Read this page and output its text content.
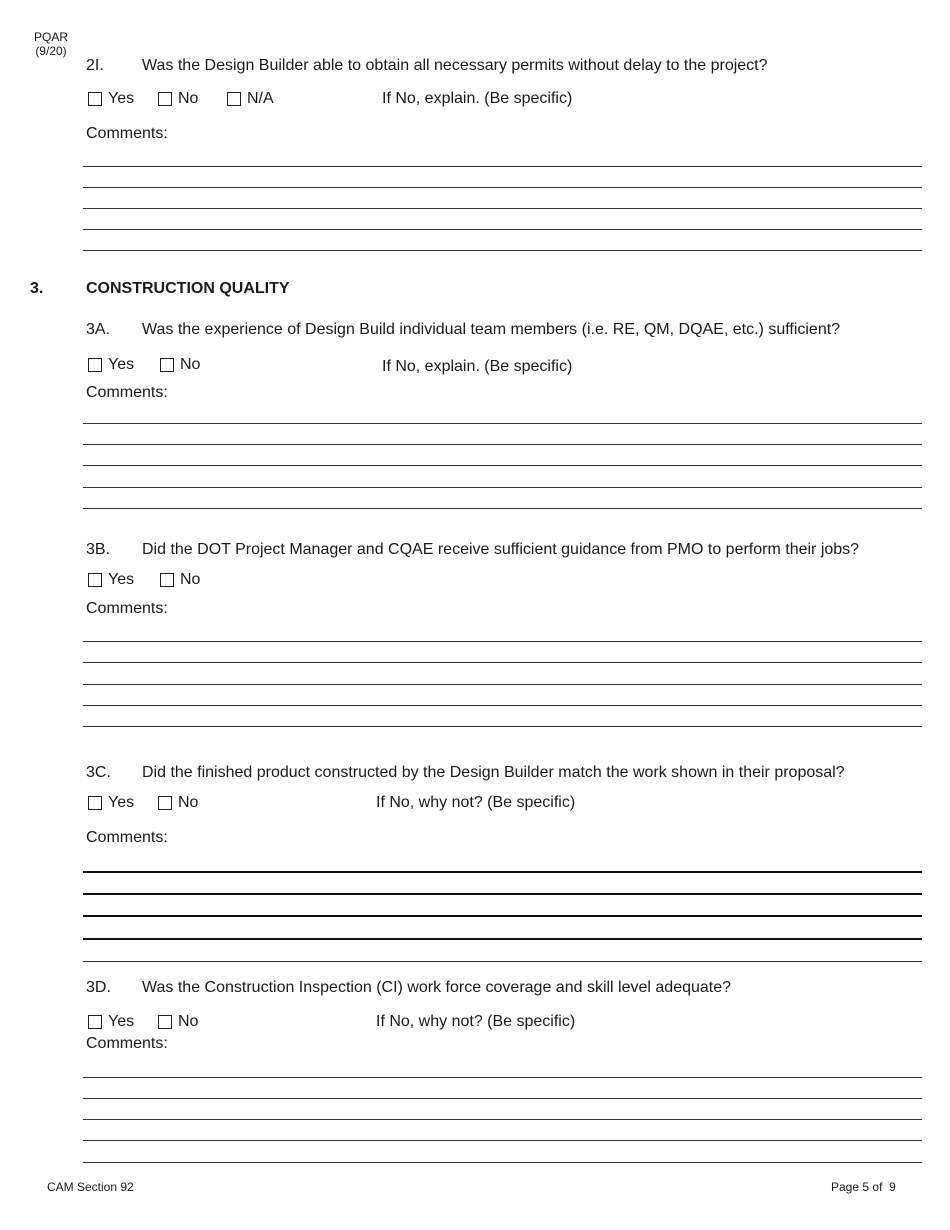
PQAR
(9/20)
2I. Was the Design Builder able to obtain all necessary permits without delay to the project?
Yes	No	N/A	If No, explain. (Be specific)
Comments:
3.	CONSTRUCTION QUALITY
3A. Was the experience of Design Build individual team members (i.e. RE, QM, DQAE, etc.) sufficient?
Yes	No	If No, explain. (Be specific)
Comments:
3B. Did the DOT Project Manager and CQAE receive sufficient guidance from PMO to perform their jobs?
Yes	No
Comments:
3C. Did the finished product constructed by the Design Builder match the work shown in their proposal?
Yes	No	If No, why not? (Be specific)
Comments:
3D. Was the Construction Inspection (CI) work force coverage and skill level adequate?
Yes	No	If No, why not? (Be specific)
Comments:
CAM Section 92	Page 5 of 9
